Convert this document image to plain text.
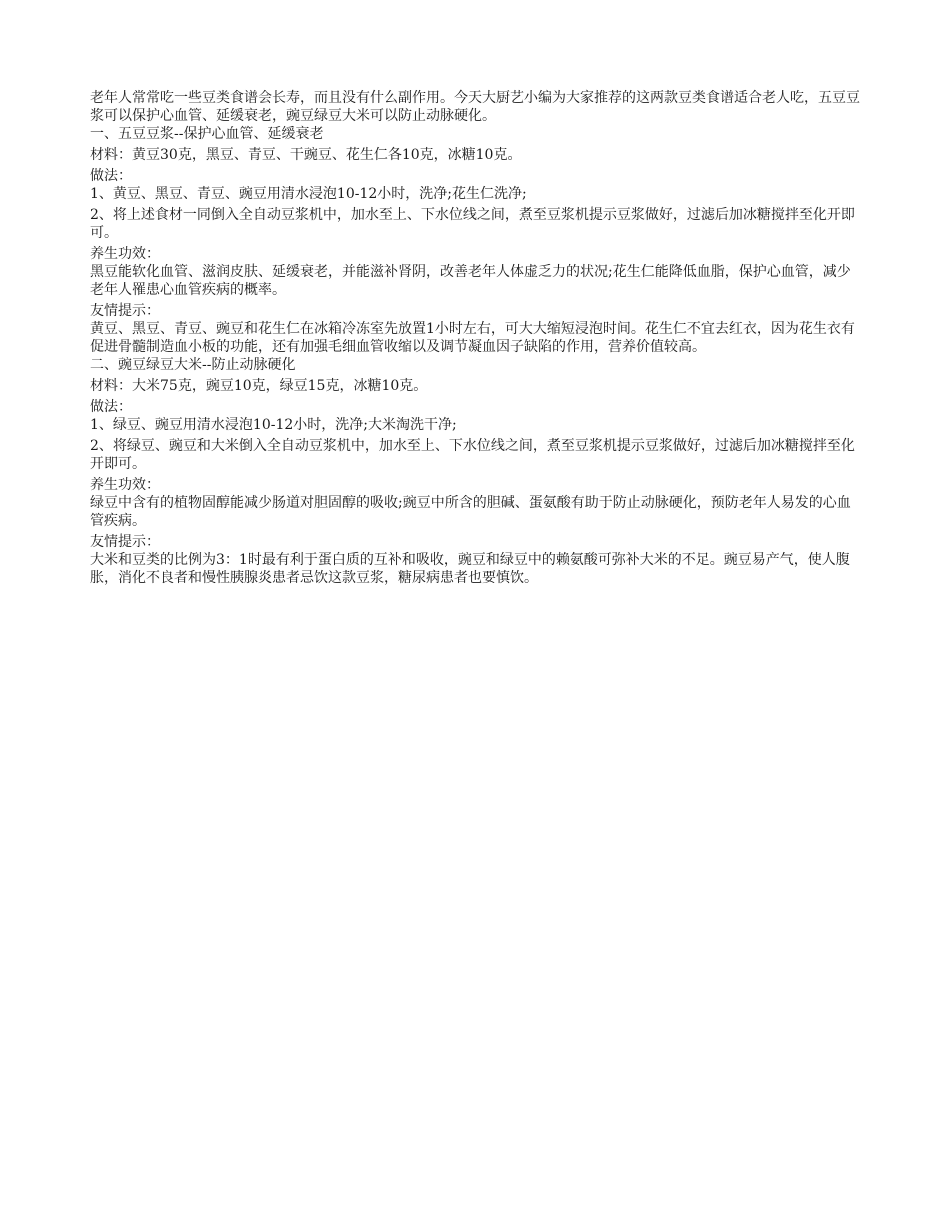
老年人常常吃一些豆类食谱会长寿，而且没有什么副作用。今天大厨艺小编为大家推荐的这两款豆类食谱适合老人吃，五豆豆浆可以保护心血管、延缓衰老，豌豆绿豆大米可以防止动脉硬化。

一、五豆豆浆--保护心血管、延缓衰老

材料：黄豆30克，黑豆、青豆、干豌豆、花生仁各10克，冰糖10克。

做法：

1、黄豆、黑豆、青豆、豌豆用清水浸泡10-12小时，洗净;花生仁洗净;

2、将上述食材一同倒入全自动豆浆机中，加水至上、下水位线之间，煮至豆浆机提示豆浆做好，过滤后加冰糖搅拌至化开即可。

养生功效：

黑豆能软化血管、滋润皮肤、延缓衰老，并能滋补肾阴，改善老年人体虚乏力的状况;花生仁能降低血脂，保护心血管，减少老年人罹患心血管疾病的概率。

友情提示：

黄豆、黑豆、青豆、豌豆和花生仁在冰箱冷冻室先放置1小时左右，可大大缩短浸泡时间。花生仁不宜去红衣，因为花生衣有促进骨髓制造血小板的功能，还有加强毛细血管收缩以及调节凝血因子缺陷的作用，营养价值较高。

二、豌豆绿豆大米--防止动脉硬化

材料：大米75克，豌豆10克，绿豆15克，冰糖10克。

做法：

1、绿豆、豌豆用清水浸泡10-12小时，洗净;大米淘洗干净;

2、将绿豆、豌豆和大米倒入全自动豆浆机中，加水至上、下水位线之间，煮至豆浆机提示豆浆做好，过滤后加冰糖搅拌至化开即可。

养生功效：

绿豆中含有的植物固醇能减少肠道对胆固醇的吸收;豌豆中所含的胆碱、蛋氨酸有助于防止动脉硬化，预防老年人易发的心血管疾病。

友情提示：

大米和豆类的比例为3：1时最有利于蛋白质的互补和吸收，豌豆和绿豆中的赖氨酸可弥补大米的不足。豌豆易产气，使人腹胀，消化不良者和慢性胰腺炎患者忌饮这款豆浆，糖尿病患者也要慎饮。
